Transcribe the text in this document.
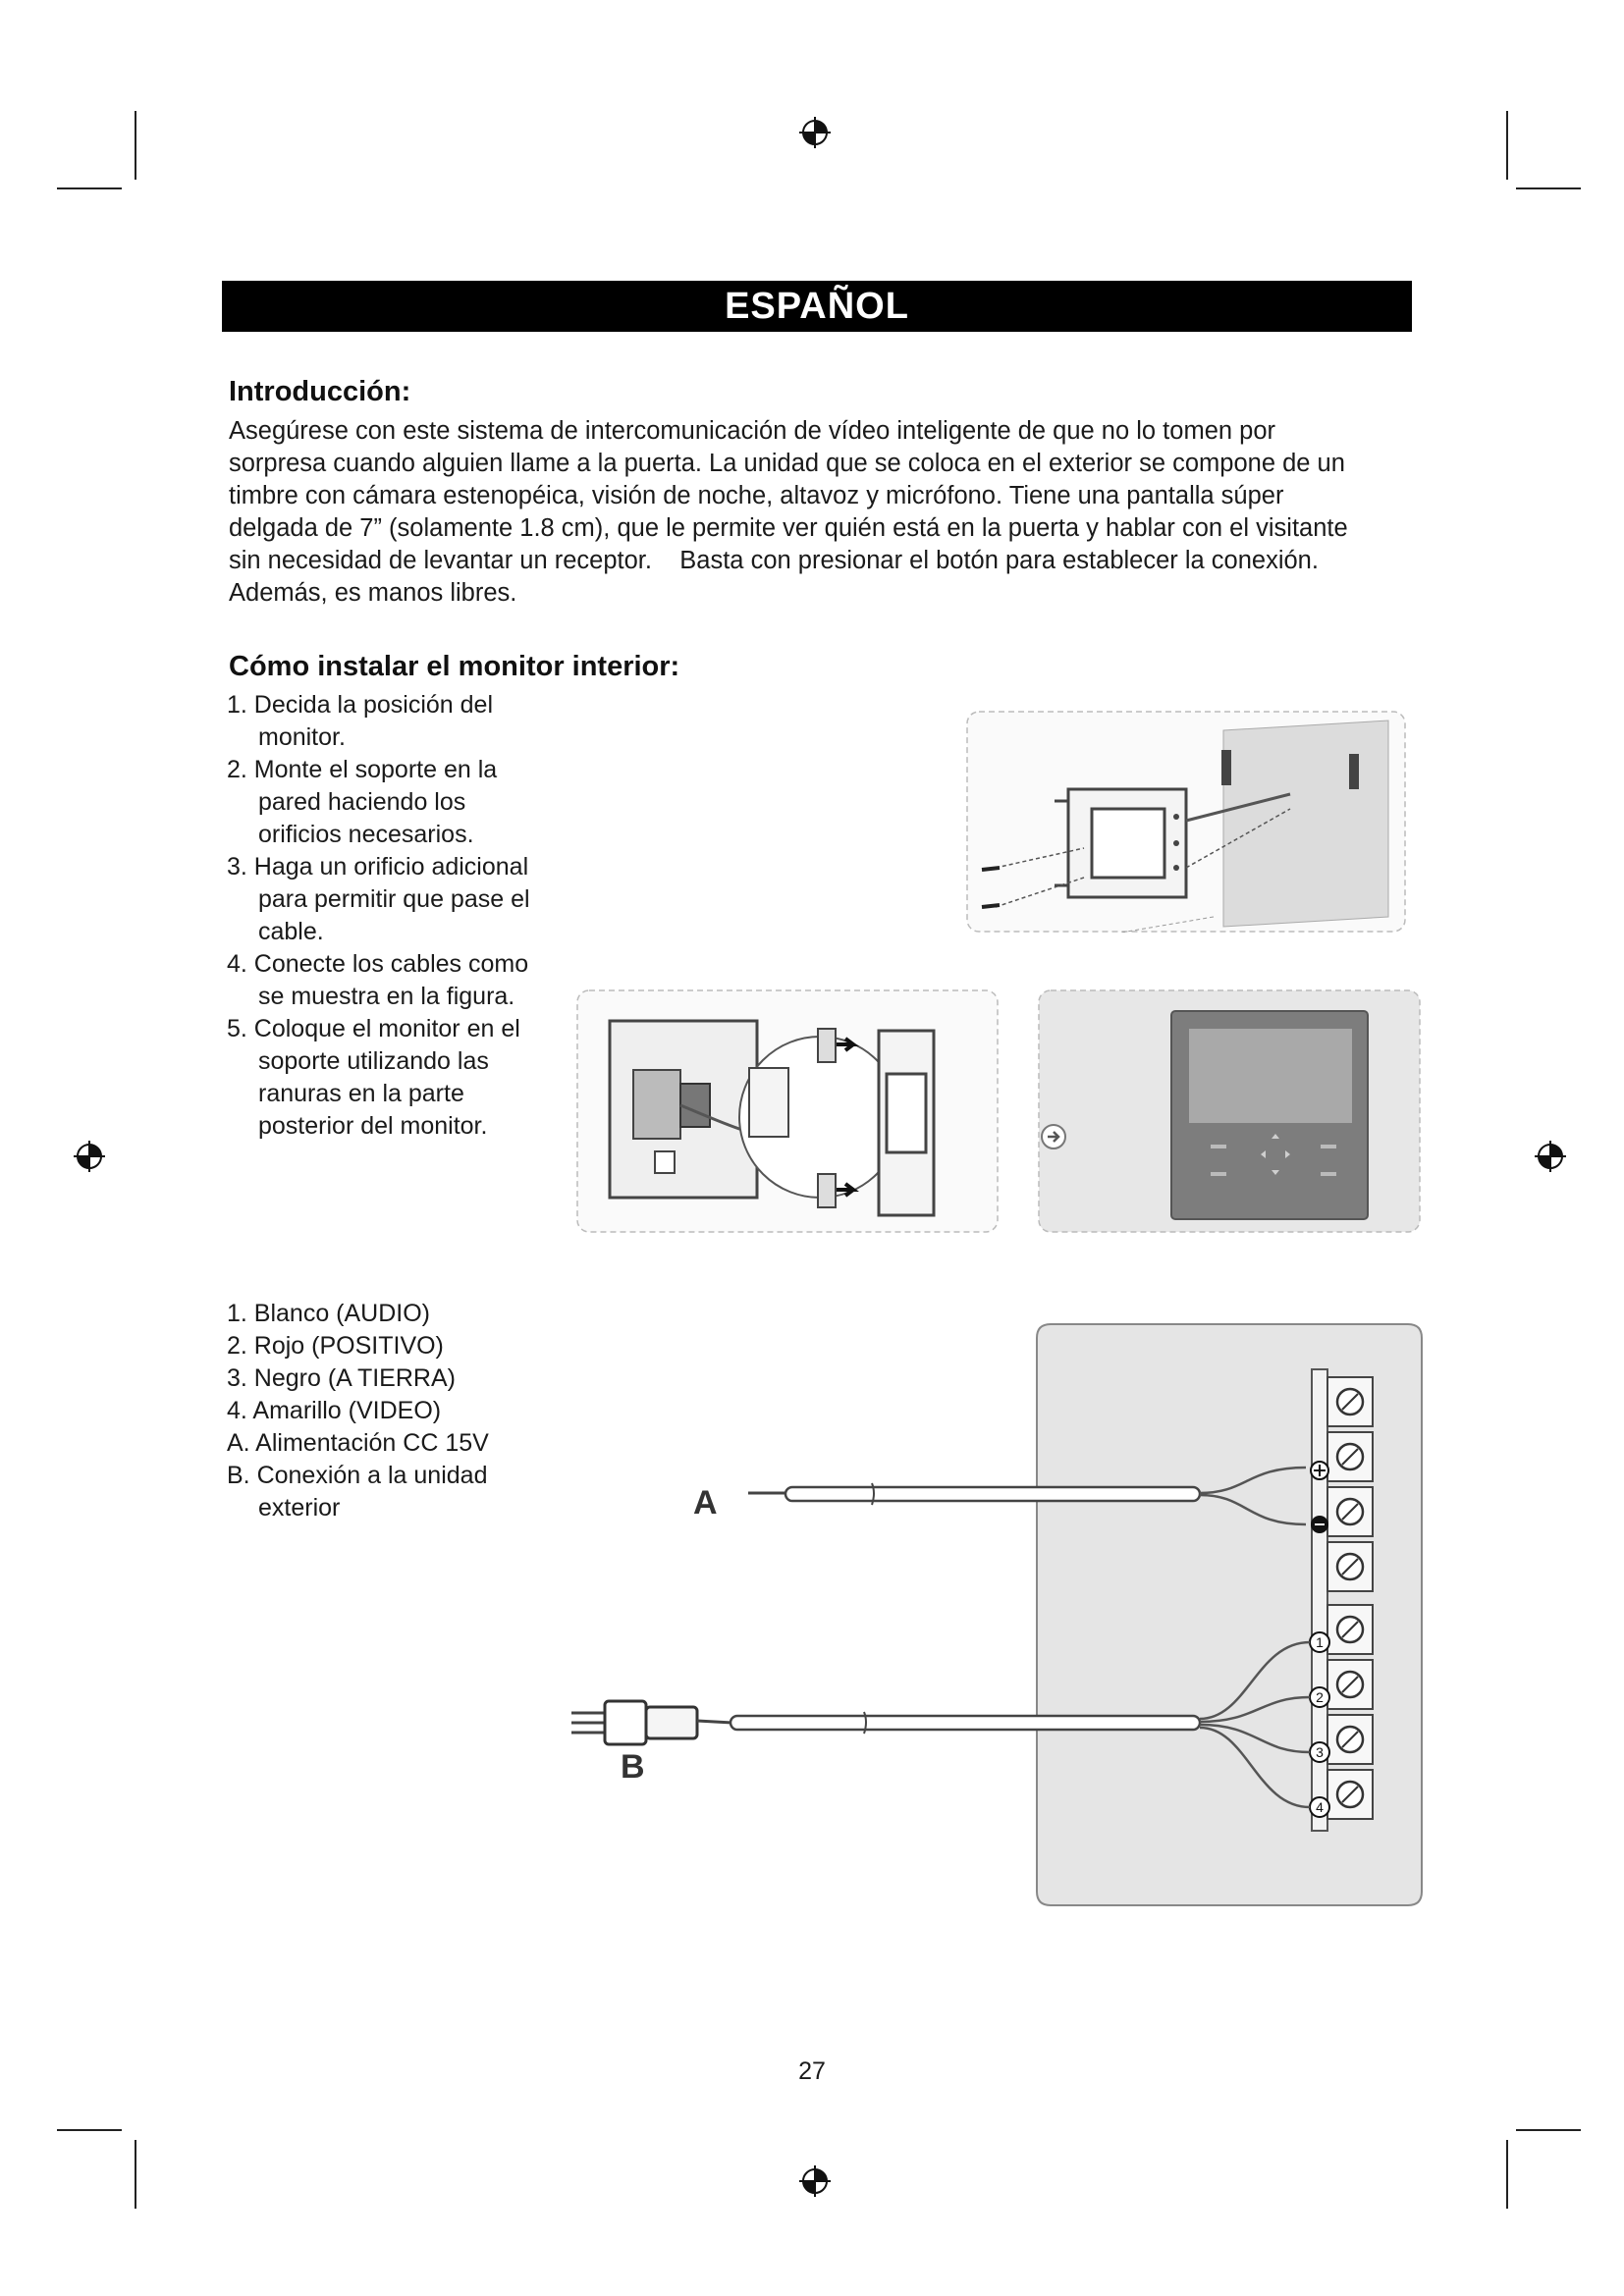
ESPAÑOL
Introducción:
Asegúrese con este sistema de intercomunicación de vídeo inteligente de que no lo tomen por
sorpresa cuando alguien llame a la puerta. La unidad que se coloca en el exterior se compone de un
timbre con cámara estenopéica, visión de noche, altavoz y micrófono. Tiene una pantalla súper
delgada de 7” (solamente 1.8 cm), que le permite ver quién está en la puerta y hablar con el visitante
sin necesidad de levantar un receptor.    Basta con presionar el botón para establecer la conexión.
Además, es manos libres.
Cómo instalar el monitor interior:
1. Decida la posición del
monitor.
2. Monte el soporte en la
pared haciendo los
orificios necesarios.
3. Haga un orificio adicional
para permitir que pase el
cable.
4. Conecte los cables como
se muestra en la figura.
5. Coloque el monitor en el
soporte utilizando las
ranuras en la parte
posterior del monitor.
1. Blanco (AUDIO)
2. Rojo (POSITIVO)
3. Negro (A TIERRA)
4. Amarillo (VIDEO)
A. Alimentación CC 15V
B. Conexión a la unidad
exterior
1
2
3
4
A
B
27
